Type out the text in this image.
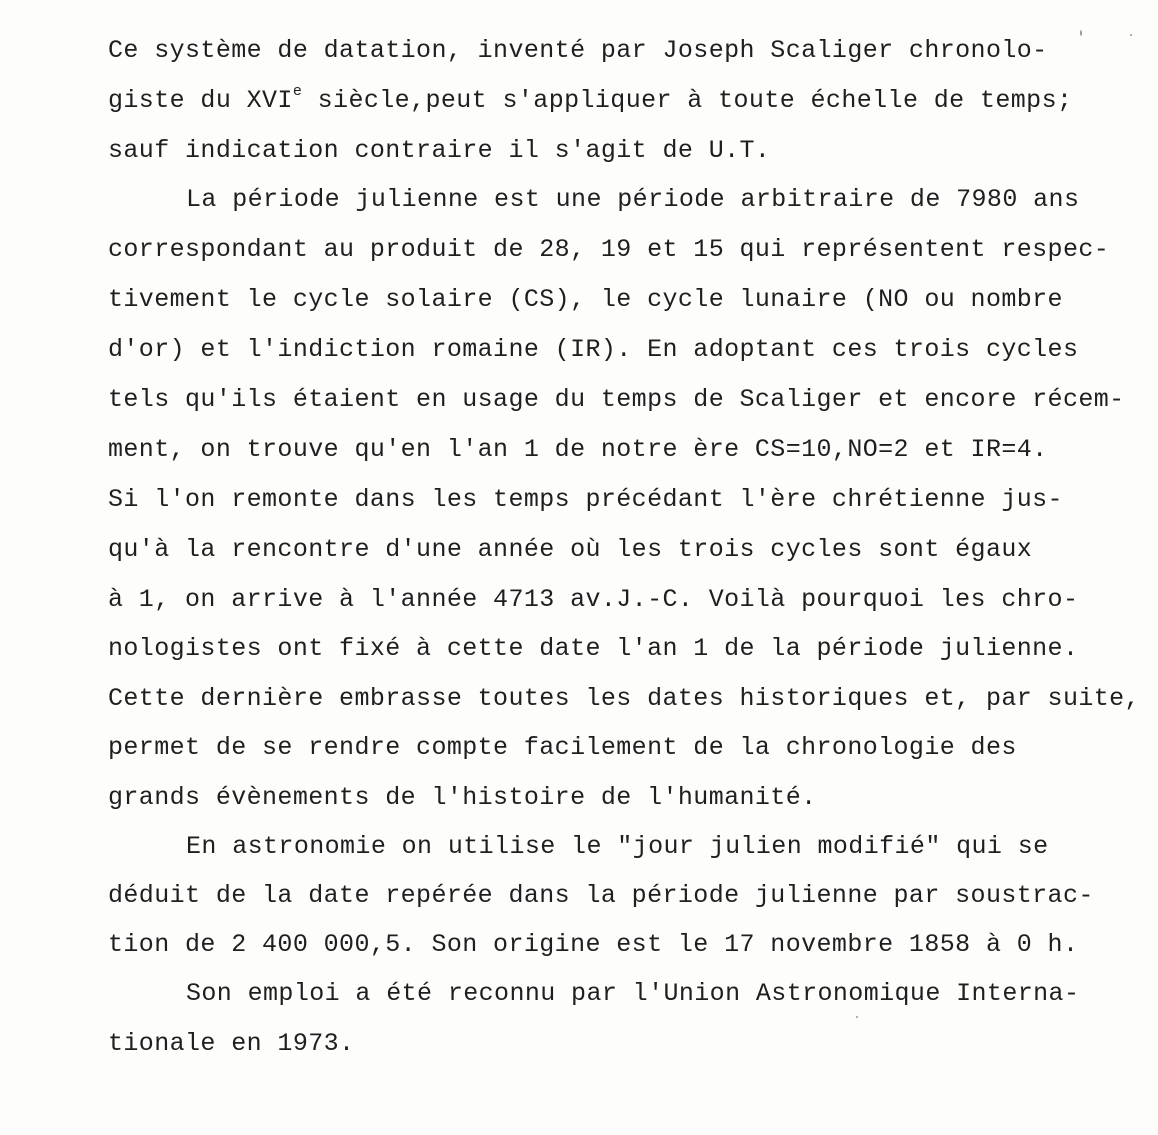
Ce système de datation, inventé par Joseph Scaliger chronolo-
giste du XVIe siècle,peut s'appliquer à toute échelle de temps;
sauf indication contraire il s'agit de U.T.
La période julienne est une période arbitraire de 7980 ans
correspondant au produit de 28, 19 et 15 qui représentent respec-
tivement le cycle solaire (CS), le cycle lunaire (NO ou nombre
d'or) et l'indiction romaine (IR). En adoptant ces trois cycles
tels qu'ils étaient en usage du temps de Scaliger et encore récem-
ment, on trouve qu'en l'an 1 de notre ère CS=10,NO=2 et IR=4.
Si l'on remonte dans les temps précédant l'ère chrétienne jus-
qu'à la rencontre d'une année où les trois cycles sont égaux
à 1, on arrive à l'année 4713 av.J.-C. Voilà pourquoi les chro-
nologistes ont fixé à cette date l'an 1 de la période julienne.
Cette dernière embrasse toutes les dates historiques et, par suite,
permet de se rendre compte facilement de la chronologie des
grands évènements de l'histoire de l'humanité.
En astronomie on utilise le "jour julien modifié" qui se
déduit de la date repérée dans la période julienne par soustrac-
tion de 2 400 000,5. Son origine est le 17 novembre 1858 à 0 h.
Son emploi a été reconnu par l'Union Astronomique Interna-
tionale en 1973.
